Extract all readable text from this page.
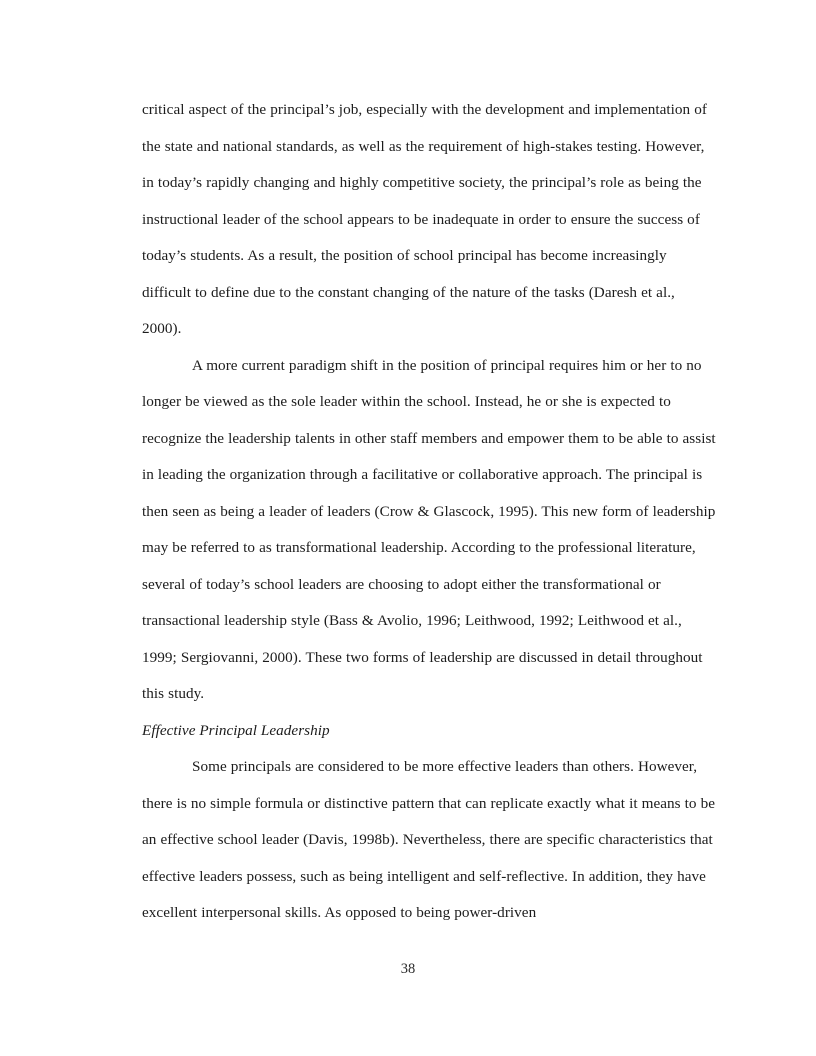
critical aspect of the principal’s job, especially with the development and implementation of the state and national standards, as well as the requirement of high-stakes testing. However, in today’s rapidly changing and highly competitive society, the principal’s role as being the instructional leader of the school appears to be inadequate in order to ensure the success of today’s students. As a result, the position of school principal has become increasingly difficult to define due to the constant changing of the nature of the tasks (Daresh et al., 2000).

A more current paradigm shift in the position of principal requires him or her to no longer be viewed as the sole leader within the school. Instead, he or she is expected to recognize the leadership talents in other staff members and empower them to be able to assist in leading the organization through a facilitative or collaborative approach. The principal is then seen as being a leader of leaders (Crow & Glascock, 1995). This new form of leadership may be referred to as transformational leadership. According to the professional literature, several of today’s school leaders are choosing to adopt either the transformational or transactional leadership style (Bass & Avolio, 1996; Leithwood, 1992; Leithwood et al., 1999; Sergiovanni, 2000). These two forms of leadership are discussed in detail throughout this study.

Effective Principal Leadership

Some principals are considered to be more effective leaders than others. However, there is no simple formula or distinctive pattern that can replicate exactly what it means to be an effective school leader (Davis, 1998b). Nevertheless, there are specific characteristics that effective leaders possess, such as being intelligent and self-reflective. In addition, they have excellent interpersonal skills. As opposed to being power-driven

38
